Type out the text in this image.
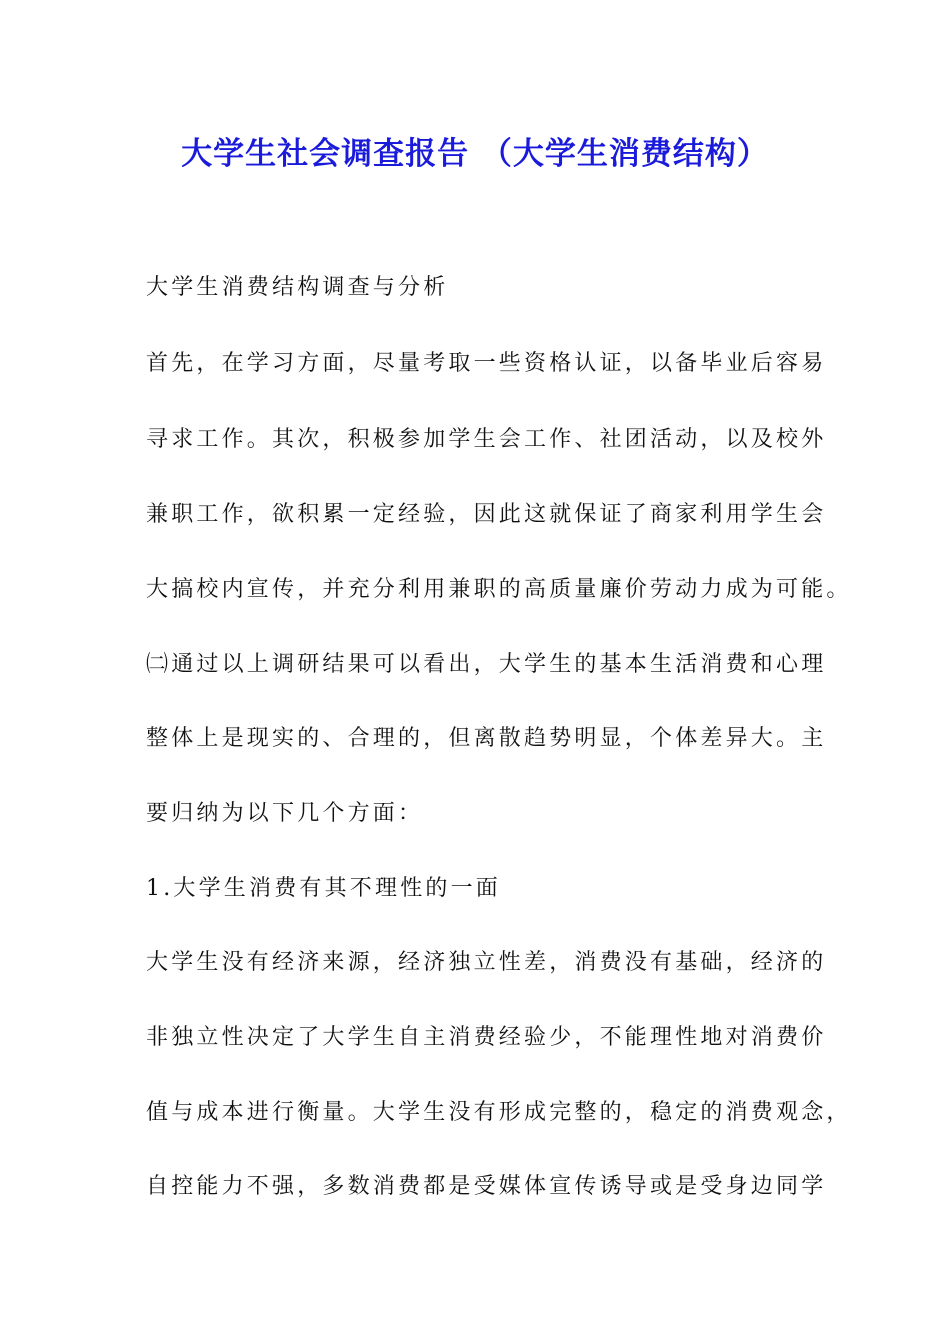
大学生社会调查报告 （大学生消费结构）
大学生消费结构调查与分析
首先，在学习方面，尽量考取一些资格认证，以备毕业后容易
寻求工作。其次，积极参加学生会工作、社团活动，以及校外
兼职工作，欲积累一定经验，因此这就保证了商家利用学生会
大搞校内宣传，并充分利用兼职的高质量廉价劳动力成为可能。
㈡通过以上调研结果可以看出，大学生的基本生活消费和心理
整体上是现实的、合理的，但离散趋势明显，个体差异大。主
要归纳为以下几个方面：
1.大学生消费有其不理性的一面
大学生没有经济来源，经济独立性差，消费没有基础，经济的
非独立性决定了大学生自主消费经验少，不能理性地对消费价
值与成本进行衡量。大学生没有形成完整的，稳定的消费观念，
自控能力不强，多数消费都是受媒体宣传诱导或是受身边同学
